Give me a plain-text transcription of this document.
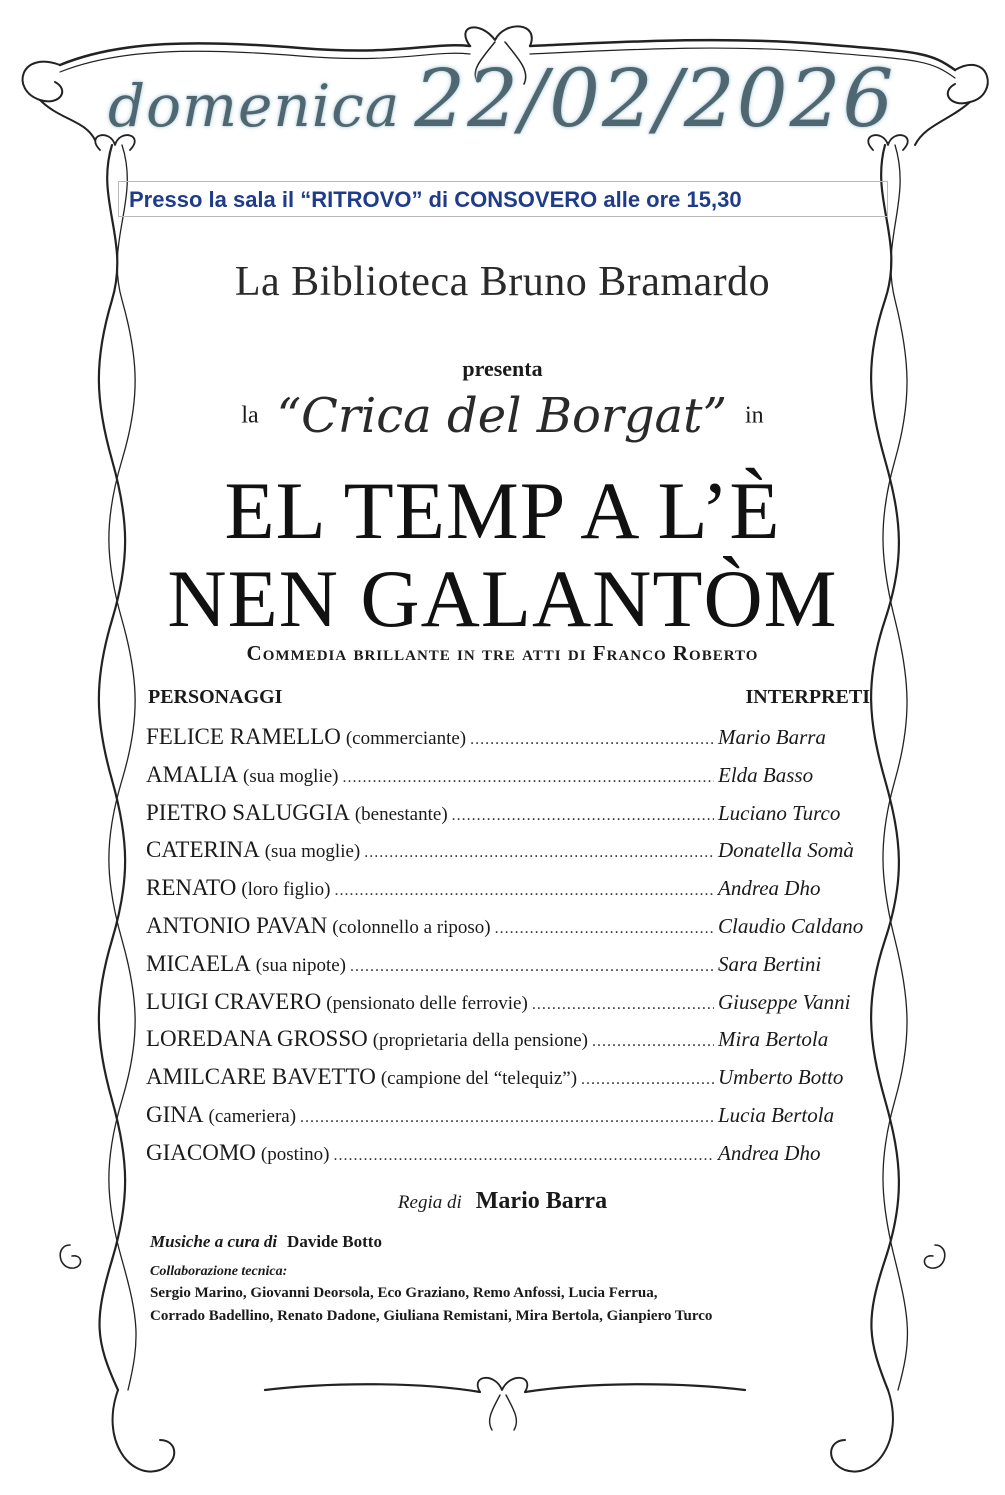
domenica 22/02/2026
Presso la sala il “RITROVO” di CONSOVERO alle ore 15,30
La Biblioteca Bruno Bramardo
presenta
la “Crica del Borgat” in
EL TEMP A L’È
NEN GALANTÒM
Commedia brillante in tre atti di Franco Roberto
PERSONAGGI	INTERPRETI
FELICE RAMELLO (commerciante) .....	Mario Barra
AMALIA (sua moglie) .....	Elda Basso
PIETRO SALUGGIA (benestante) .....	Luciano Turco
CATERINA (sua moglie) .....	Donatella Somà
RENATO (loro figlio) .....	Andrea Dho
ANTONIO PAVAN (colonnello a riposo) .....	Claudio Caldano
MICAELA (sua nipote) .....	Sara Bertini
LUIGI CRAVERO (pensionato delle ferrovie) .....	Giuseppe Vanni
LOREDANA GROSSO (proprietaria della pensione) .....	Mira Bertola
AMILCARE BAVETTO (campione del “telequiz”) .....	Umberto Botto
GINA (cameriera) .....	Lucia Bertola
GIACOMO (postino) .....	Andrea Dho
Regia di Mario Barra
Musiche a cura di Davide Botto
Collaborazione tecnica:
Sergio Marino, Giovanni Deorsola, Eco Graziano, Remo Anfossi, Lucia Ferrua,
Corrado Badellino, Renato Dadone, Giuliana Remistani, Mira Bertola, Gianpiero Turco
